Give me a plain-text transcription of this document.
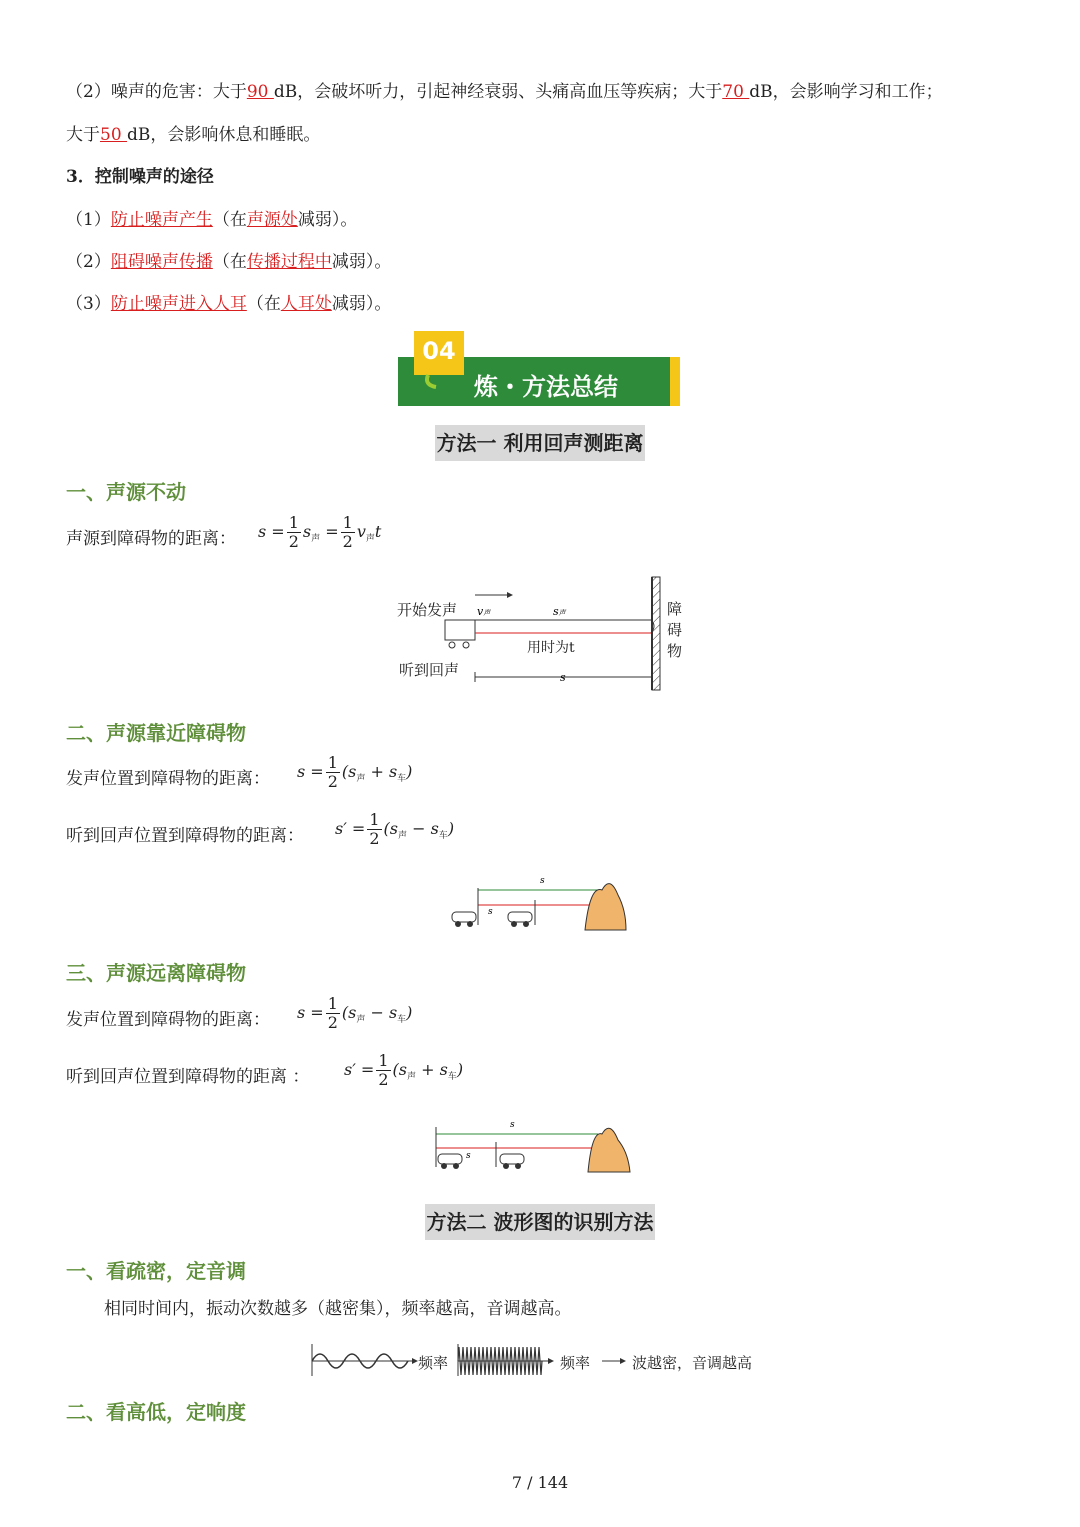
（2）噪声的危害：大于90 dB，会破坏听力，引起神经衰弱、头痛高血压等疾病；大于70 dB，会影响学习和工作；
大于50 dB，会影响休息和睡眠。
3．控制噪声的途径
（1）防止噪声产生（在声源处减弱）。
（2）阻碍噪声传播（在传播过程中减弱）。
（3）防止噪声进入人耳（在人耳处减弱）。
04
炼・方法总结
方法一 利用回声测距离
一、声源不动
声源到障碍物的距离： $s = \frac{1}{2} s_声 = \frac{1}{2} v_声t$
v声	s声
s
开始发声
听到回声
用时为t
障
碍
物
二、声源靠近障碍物
发声位置到障碍物的距离： $s = \frac{1}{2} (s_声 + s_车)$
听到回声位置到障碍物的距离： $s' = \frac{1}{2} (s_声 - s_车)$
s
s
三、声源远离障碍物
发声位置到障碍物的距离： $s = \frac{1}{2} (s_声 - s_车)$
听到回声位置到障碍物的距离 ： $s' = \frac{1}{2} (s_声 + s_车)$
s
s
方法二 波形图的识别方法
一、看疏密，定音调
相同时间内，振动次数越多（越密集），频率越高，音调越高。
频率	频率	波越密，音调越高
二、看高低，定响度
7 / 144
